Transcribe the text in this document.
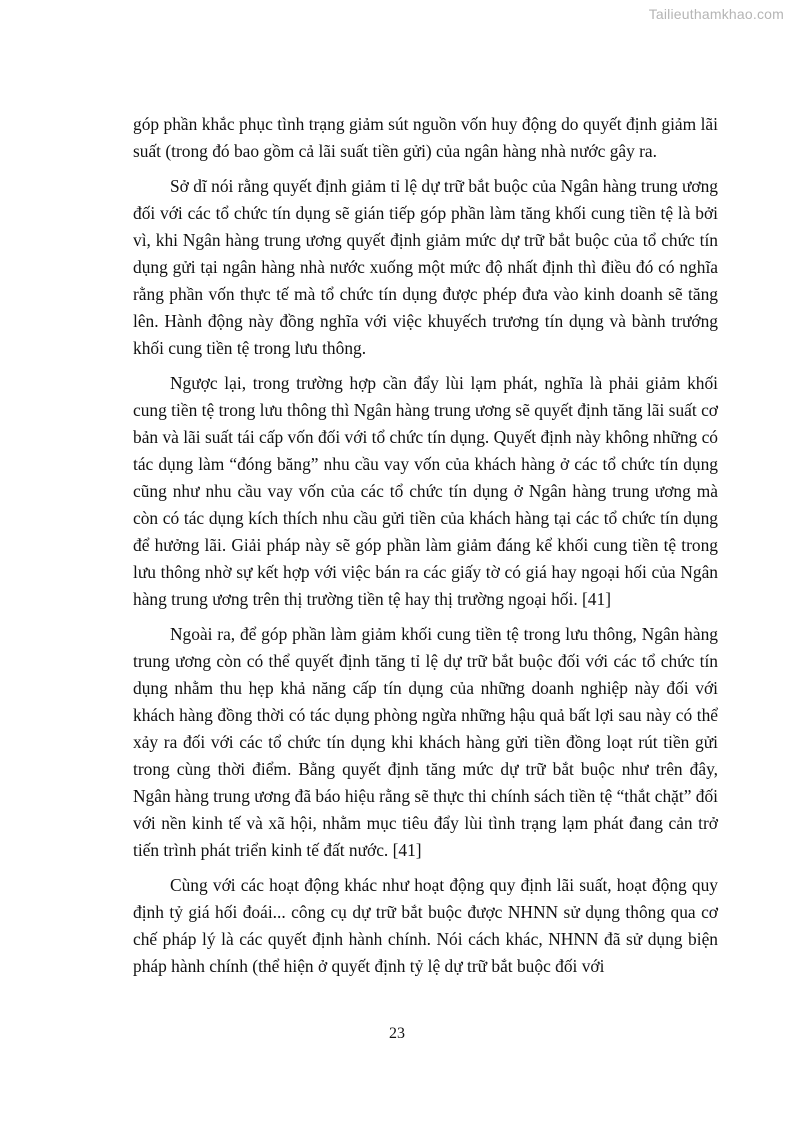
Tailieuthamkhao.com

góp phần khắc phục tình trạng giảm sút nguồn vốn huy động do quyết định giảm lãi suất (trong đó bao gồm cả lãi suất tiền gửi) của ngân hàng nhà nước gây ra.

Sở dĩ nói rằng quyết định giảm tỉ lệ dự trữ bắt buộc của Ngân hàng trung ương đối với các tổ chức tín dụng sẽ gián tiếp góp phần làm tăng khối cung tiền tệ là bởi vì, khi Ngân hàng trung ương quyết định giảm mức dự trữ bắt buộc của tổ chức tín dụng gửi tại ngân hàng nhà nước xuống một mức độ nhất định thì điều đó có nghĩa rằng phần vốn thực tế mà tổ chức tín dụng được phép đưa vào kinh doanh sẽ tăng lên. Hành động này đồng nghĩa với việc khuyếch trương tín dụng và bành trướng khối cung tiền tệ trong lưu thông.

Ngược lại, trong trường hợp cần đẩy lùi lạm phát, nghĩa là phải giảm khối cung tiền tệ trong lưu thông thì Ngân hàng trung ương sẽ quyết định tăng lãi suất cơ bản và lãi suất tái cấp vốn đối với tổ chức tín dụng. Quyết định này không những có tác dụng làm “đóng băng” nhu cầu vay vốn của khách hàng ở các tổ chức tín dụng cũng như nhu cầu vay vốn của các tổ chức tín dụng ở Ngân hàng trung ương mà còn có tác dụng kích thích nhu cầu gửi tiền của khách hàng tại các tổ chức tín dụng để hưởng lãi. Giải pháp này sẽ góp phần làm giảm đáng kể khối cung tiền tệ trong lưu thông nhờ sự kết hợp với việc bán ra các giấy tờ có giá hay ngoại hối của Ngân hàng trung ương trên thị trường tiền tệ hay thị trường ngoại hối. [41]

Ngoài ra, để góp phần làm giảm khối cung tiền tệ trong lưu thông, Ngân hàng trung ương còn có thể quyết định tăng tỉ lệ dự trữ bắt buộc đối với các tổ chức tín dụng nhằm thu hẹp khả năng cấp tín dụng của những doanh nghiệp này đối với khách hàng đồng thời có tác dụng phòng ngừa những hậu quả bất lợi sau này có thể xảy ra đối với các tổ chức tín dụng khi khách hàng gửi tiền đồng loạt rút tiền gửi trong cùng thời điểm. Bằng quyết định tăng mức dự trữ bắt buộc như trên đây, Ngân hàng trung ương đã báo hiệu rằng sẽ thực thi chính sách tiền tệ “thắt chặt” đối với nền kinh tế và xã hội, nhằm mục tiêu đẩy lùi tình trạng lạm phát đang cản trở tiến trình phát triển kinh tế đất nước. [41]

Cùng với các hoạt động khác như hoạt động quy định lãi suất, hoạt động quy định tỷ giá hối đoái... công cụ dự trữ bắt buộc được NHNN sử dụng thông qua cơ chế pháp lý là các quyết định hành chính. Nói cách khác, NHNN đã sử dụng biện pháp hành chính (thể hiện ở quyết định tỷ lệ dự trữ bắt buộc đối với

23
